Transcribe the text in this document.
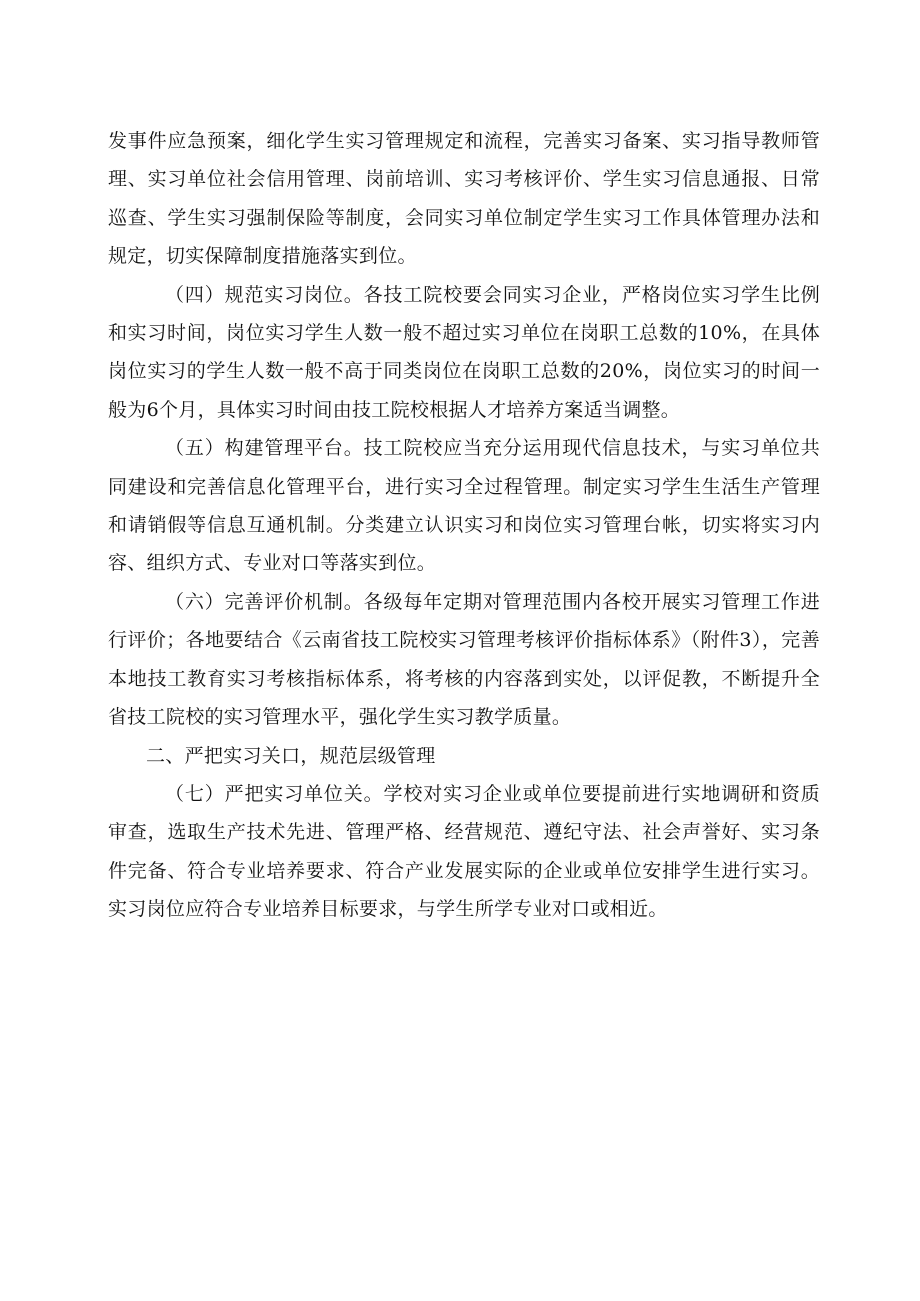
发事件应急预案，细化学生实习管理规定和流程，完善实习备案、实习指导教师管理、实习单位社会信用管理、岗前培训、实习考核评价、学生实习信息通报、日常巡查、学生实习强制保险等制度，会同实习单位制定学生实习工作具体管理办法和规定，切实保障制度措施落实到位。

（四）规范实习岗位。各技工院校要会同实习企业，严格岗位实习学生比例和实习时间，岗位实习学生人数一般不超过实习单位在岗职工总数的10%，在具体岗位实习的学生人数一般不高于同类岗位在岗职工总数的20%，岗位实习的时间一般为6个月，具体实习时间由技工院校根据人才培养方案适当调整。

（五）构建管理平台。技工院校应当充分运用现代信息技术，与实习单位共同建设和完善信息化管理平台，进行实习全过程管理。制定实习学生生活生产管理和请销假等信息互通机制。分类建立认识实习和岗位实习管理台帐，切实将实习内容、组织方式、专业对口等落实到位。

（六）完善评价机制。各级每年定期对管理范围内各校开展实习管理工作进行评价；各地要结合《云南省技工院校实习管理考核评价指标体系》（附件3），完善本地技工教育实习考核指标体系，将考核的内容落到实处，以评促教，不断提升全省技工院校的实习管理水平，强化学生实习教学质量。

二、严把实习关口，规范层级管理

（七）严把实习单位关。学校对实习企业或单位要提前进行实地调研和资质审查，选取生产技术先进、管理严格、经营规范、遵纪守法、社会声誉好、实习条件完备、符合专业培养要求、符合产业发展实际的企业或单位安排学生进行实习。实习岗位应符合专业培养目标要求，与学生所学专业对口或相近。
